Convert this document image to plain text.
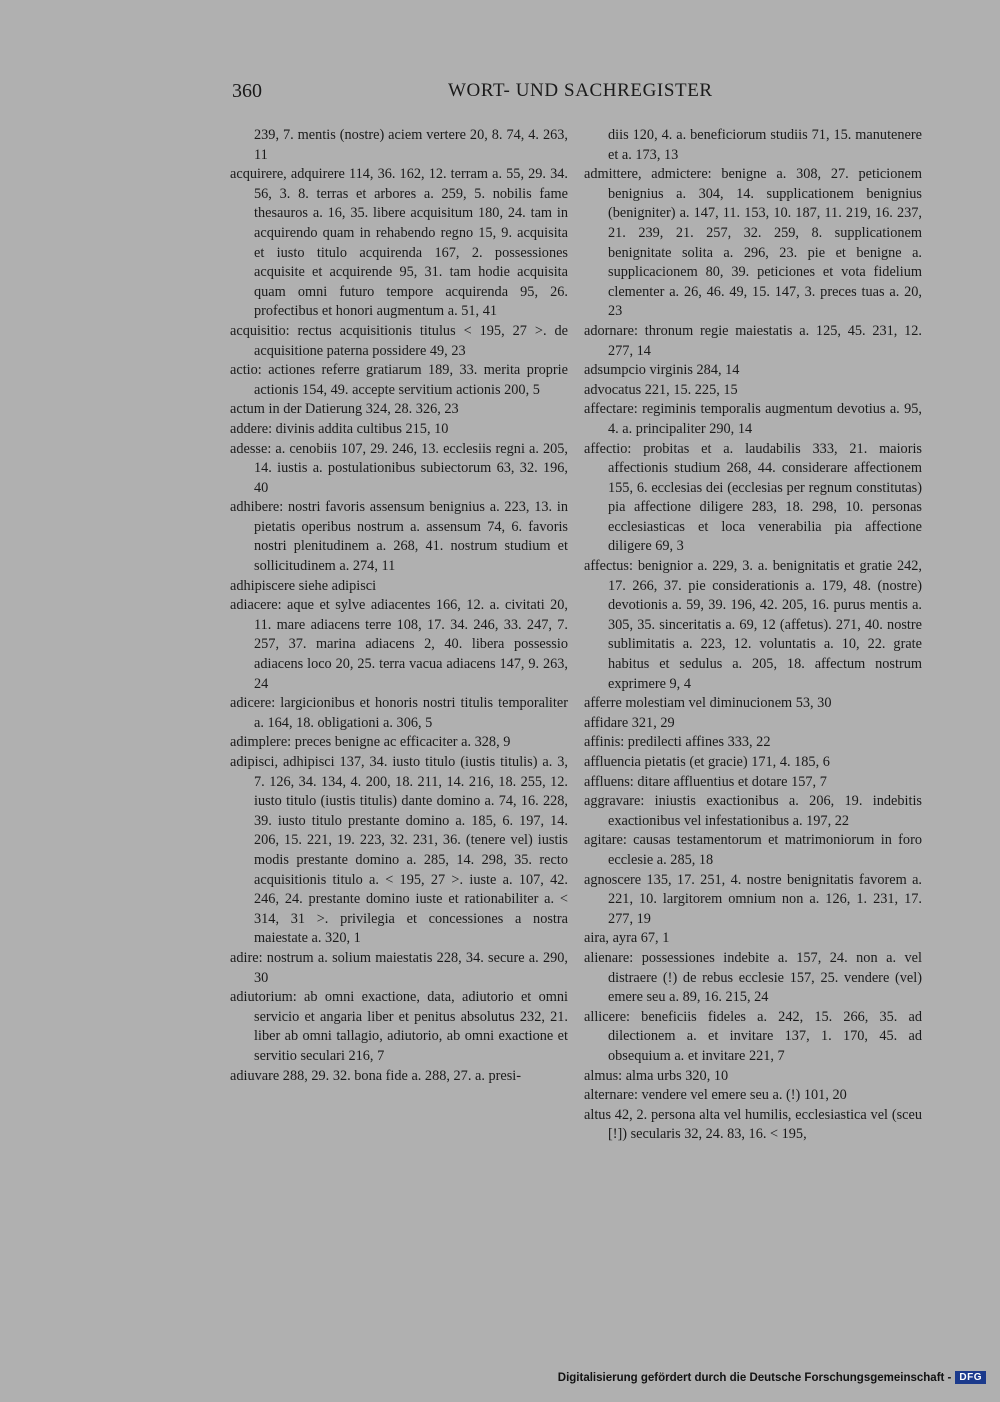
360	WORT- UND SACHREGISTER

239, 7. mentis (nostre) aciem vertere 20, 8. 74, 4. 263, 11

acquirere, adquirere 114, 36. 162, 12. terram a. 55, 29. 34. 56, 3. 8. terras et arbores a. 259, 5. nobilis fame thesauros a. 16, 35. libere acquisitum 180, 24. tam in acquirendo quam in rehabendo regno 15, 9. acquisita et iusto titulo acquirenda 167, 2. possessiones acquisite et acquirende 95, 31. tam hodie acquisita quam omni futuro tempore acquirenda 95, 26. profectibus et honori augmentum a. 51, 41

acquisitio: rectus acquisitionis titulus < 195, 27 >. de acquisitione paterna possidere 49, 23

actio: actiones referre gratiarum 189, 33. merita proprie actionis 154, 49. accepte servitium actionis 200, 5

actum in der Datierung 324, 28. 326, 23

addere: divinis addita cultibus 215, 10

adesse: a. cenobiis 107, 29. 246, 13. ecclesiis regni a. 205, 14. iustis a. postulationibus subiectorum 63, 32. 196, 40

adhibere: nostri favoris assensum benignius a. 223, 13. in pietatis operibus nostrum a. assensum 74, 6. favoris nostri plenitudinem a. 268, 41. nostrum studium et sollicitudinem a. 274, 11

adhipiscere siehe adipisci

adiacere: aque et sylve adiacentes 166, 12. a. civitati 20, 11. mare adiacens terre 108, 17. 34. 246, 33. 247, 7. 257, 37. marina adiacens 2, 40. libera possessio adiacens loco 20, 25. terra vacua adiacens 147, 9. 263, 24

adicere: largicionibus et honoris nostri titulis temporaliter a. 164, 18. obligationi a. 306, 5

adimplere: preces benigne ac efficaciter a. 328, 9

adipisci, adhipisci 137, 34. iusto titulo (iustis titulis) a. 3, 7. 126, 34. 134, 4. 200, 18. 211, 14. 216, 18. 255, 12. iusto titulo (iustis titulis) dante domino a. 74, 16. 228, 39. iusto titulo prestante domino a. 185, 6. 197, 14. 206, 15. 221, 19. 223, 32. 231, 36. (tenere vel) iustis modis prestante domino a. 285, 14. 298, 35. recto acquisitionis titulo a. < 195, 27 >. iuste a. 107, 42. 246, 24. prestante domino iuste et rationabiliter a. < 314, 31 >. privilegia et concessiones a nostra maiestate a. 320, 1

adire: nostrum a. solium maiestatis 228, 34. secure a. 290, 30

adiutorium: ab omni exactione, data, adiutorio et omni servicio et angaria liber et penitus absolutus 232, 21. liber ab omni tallagio, adiutorio, ab omni exactione et servitio seculari 216, 7

adiuvare 288, 29. 32. bona fide a. 288, 27. a. presi-

diis 120, 4. a. beneficiorum studiis 71, 15. manutenere et a. 173, 13

admittere, admictere: benigne a. 308, 27. peticionem benignius a. 304, 14. supplicationem benignius (benigniter) a. 147, 11. 153, 10. 187, 11. 219, 16. 237, 21. 239, 21. 257, 32. 259, 8. supplicationem benignitate solita a. 296, 23. pie et benigne a. supplicacionem 80, 39. peticiones et vota fidelium clementer a. 26, 46. 49, 15. 147, 3. preces tuas a. 20, 23

adornare: thronum regie maiestatis a. 125, 45. 231, 12. 277, 14

adsumpcio virginis 284, 14

advocatus 221, 15. 225, 15

affectare: regiminis temporalis augmentum devotius a. 95, 4. a. principaliter 290, 14

affectio: probitas et a. laudabilis 333, 21. maioris affectionis studium 268, 44. considerare affectionem 155, 6. ecclesias dei (ecclesias per regnum constitutas) pia affectione diligere 283, 18. 298, 10. personas ecclesiasticas et loca venerabilia pia affectione diligere 69, 3

affectus: benignior a. 229, 3. a. benignitatis et gratie 242, 17. 266, 37. pie considerationis a. 179, 48. (nostre) devotionis a. 59, 39. 196, 42. 205, 16. purus mentis a. 305, 35. sinceritatis a. 69, 12 (affetus). 271, 40. nostre sublimitatis a. 223, 12. voluntatis a. 10, 22. grate habitus et sedulus a. 205, 18. affectum nostrum exprimere 9, 4

afferre molestiam vel diminucionem 53, 30

affidare 321, 29

affinis: predilecti affines 333, 22

affluencia pietatis (et gracie) 171, 4. 185, 6

affluens: ditare affluentius et dotare 157, 7

aggravare: iniustis exactionibus a. 206, 19. indebitis exactionibus vel infestationibus a. 197, 22

agitare: causas testamentorum et matrimoniorum in foro ecclesie a. 285, 18

agnoscere 135, 17. 251, 4. nostre benignitatis favorem a. 221, 10. largitorem omnium non a. 126, 1. 231, 17. 277, 19

aira, ayra 67, 1

alienare: possessiones indebite a. 157, 24. non a. vel distraere (!) de rebus ecclesie 157, 25. vendere (vel) emere seu a. 89, 16. 215, 24

allicere: beneficiis fideles a. 242, 15. 266, 35. ad dilectionem a. et invitare 137, 1. 170, 45. ad obsequium a. et invitare 221, 7

almus: alma urbs 320, 10

alternare: vendere vel emere seu a. (!) 101, 20

altus 42, 2. persona alta vel humilis, ecclesiastica vel (sceu [!]) secularis 32, 24. 83, 16. < 195,

Digitalisierung gefördert durch die Deutsche Forschungsgemeinschaft - DFG
